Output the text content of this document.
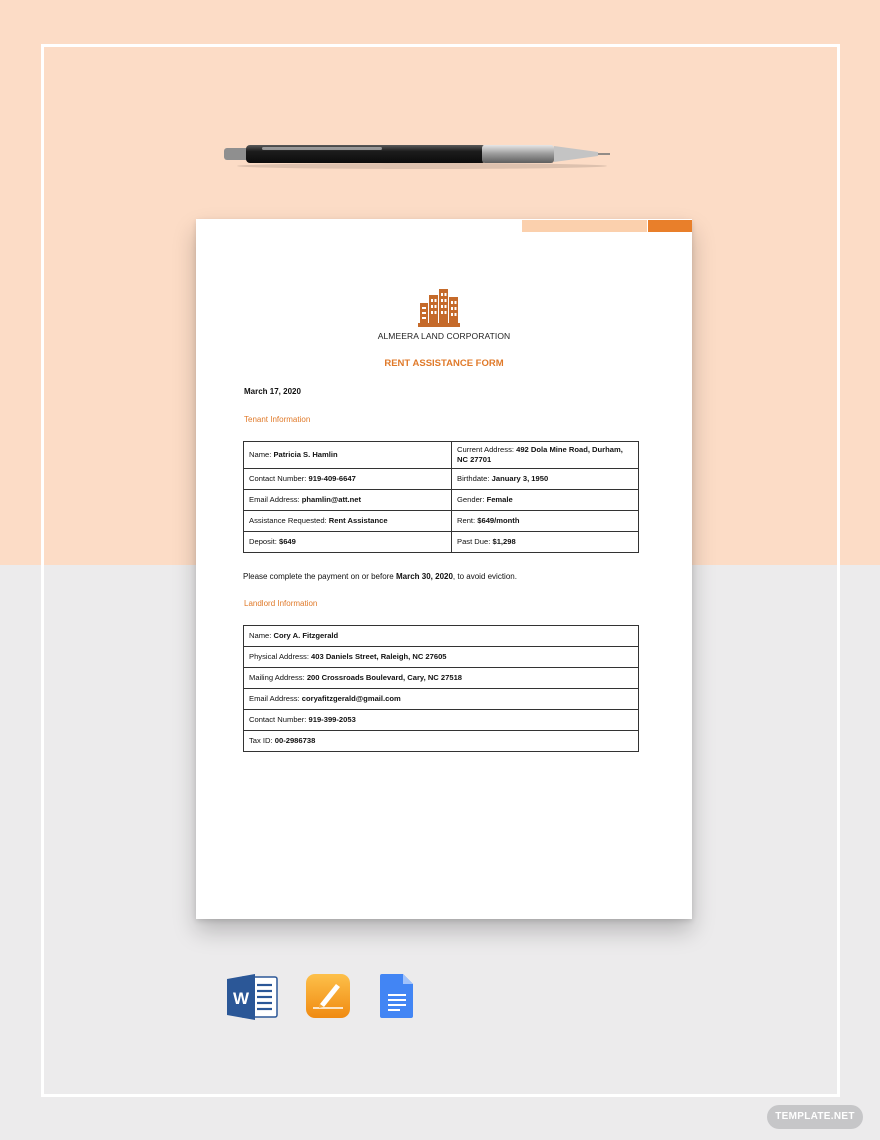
ALMEERA LAND CORPORATION
RENT ASSISTANCE FORM
March 17, 2020
Tenant Information
Name: Patricia S. Hamlin	Current Address: 492 Dola Mine Road, Durham, NC 27701
Contact Number: 919-409-6647	Birthdate: January 3, 1950
Email Address: phamlin@att.net	Gender: Female
Assistance Requested: Rent Assistance	Rent: $649/month
Deposit: $649	Past Due: $1,298
Please complete the payment on or before March 30, 2020, to avoid eviction.
Landlord Information
Name: Cory A. Fitzgerald
Physical Address: 403 Daniels Street, Raleigh, NC 27605
Mailing Address: 200 Crossroads Boulevard, Cary, NC 27518
Email Address: coryafitzgerald@gmail.com
Contact Number: 919-399-2053
Tax ID: 00-2986738
W
TEMPLATE.NET
